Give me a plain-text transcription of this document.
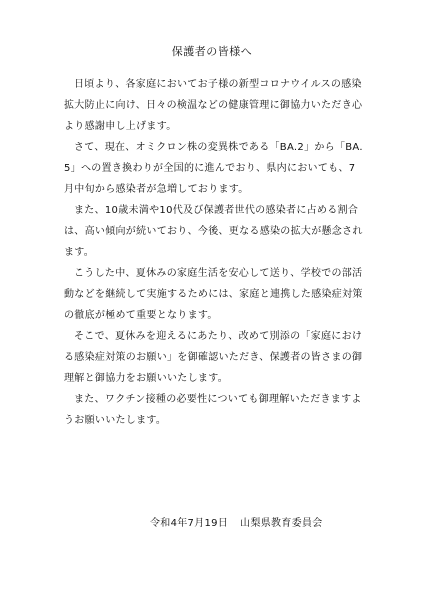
保護者の皆様へ

日頃より、各家庭においてお子様の新型コロナウイルスの感染拡大防止に向け、日々の検温などの健康管理に御協力いただき心より感謝申し上げます。

さて、現在、オミクロン株の変異株である「BA.2」から「BA.5」への置き換わりが全国的に進んでおり、県内においても、7月中旬から感染者が急増しております。

また、10歳未満や10代及び保護者世代の感染者に占める割合は、高い傾向が続いており、今後、更なる感染の拡大が懸念されます。

こうした中、夏休みの家庭生活を安心して送り、学校での部活動などを継続して実施するためには、家庭と連携した感染症対策の徹底が極めて重要となります。

そこで、夏休みを迎えるにあたり、改めて別添の「家庭における感染症対策のお願い」を御確認いただき、保護者の皆さまの御理解と御協力をお願いいたします。

また、ワクチン接種の必要性についても御理解いただきますようお願いいたします。

令和4年7月19日 山梨県教育委員会
